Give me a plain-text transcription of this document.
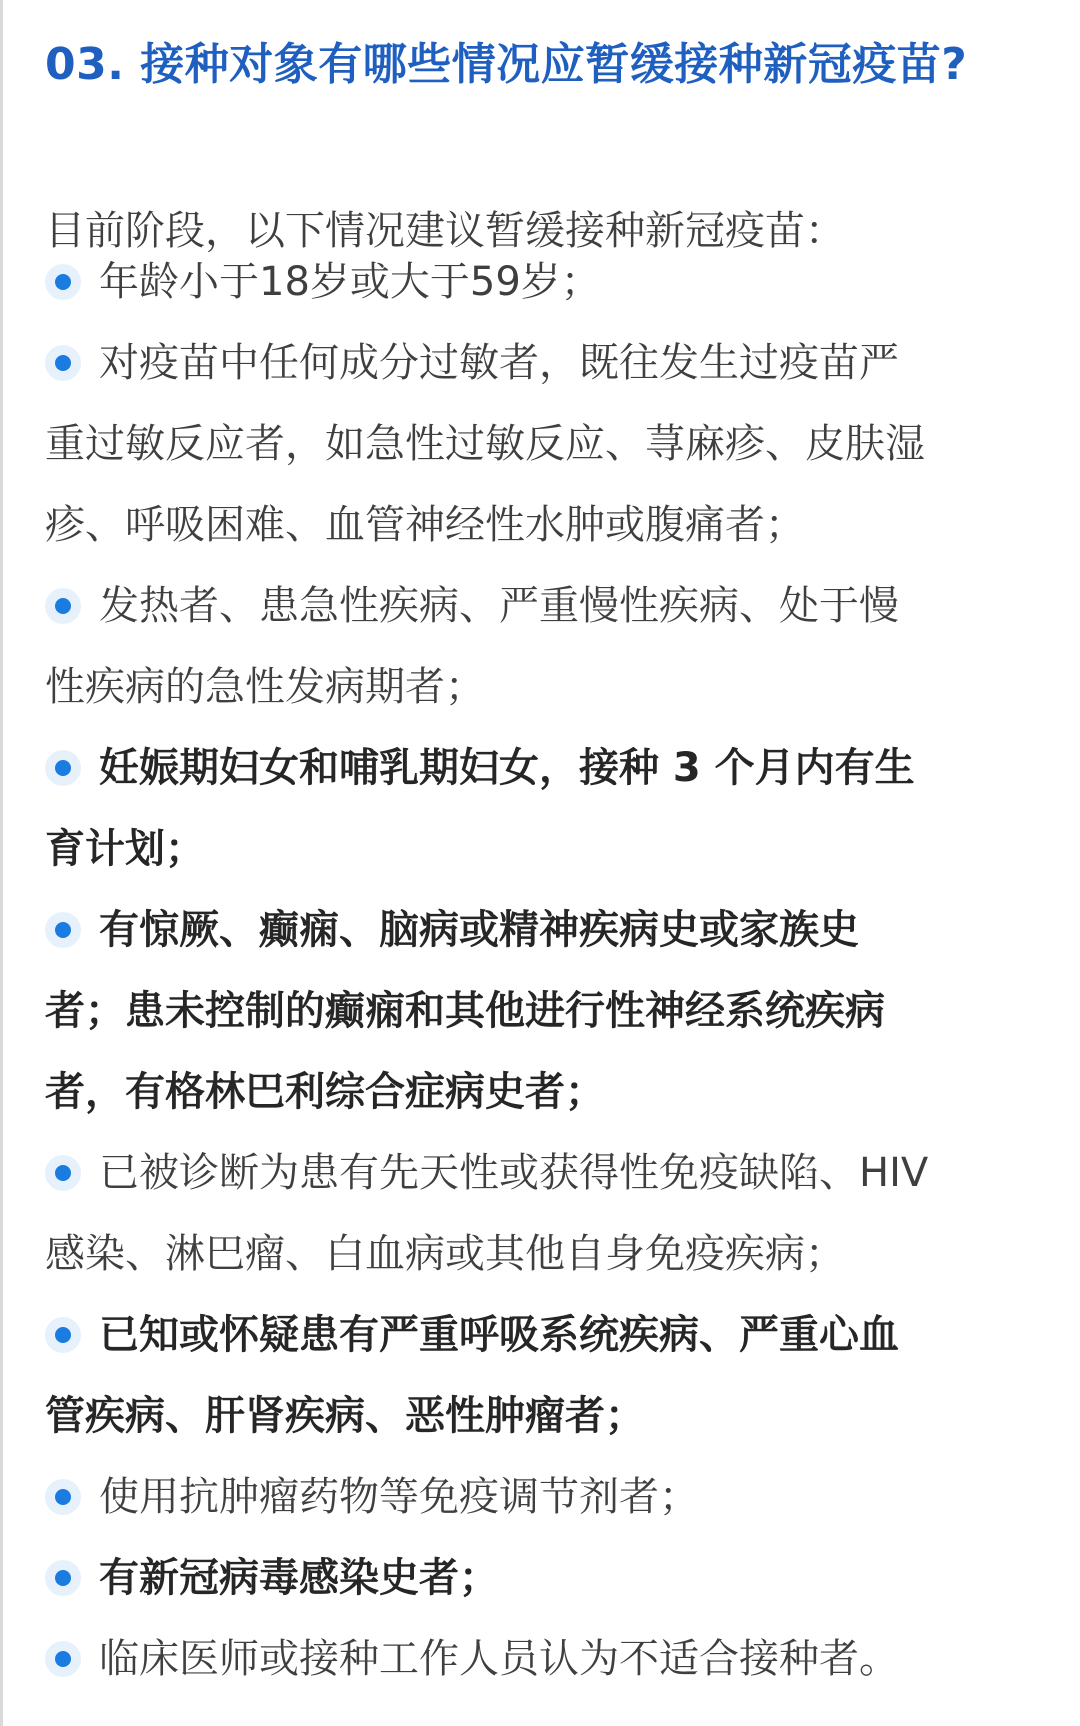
03. 接种对象有哪些情况应暂缓接种新冠疫苗?
目前阶段，以下情况建议暂缓接种新冠疫苗：
年龄小于18岁或大于59岁；
对疫苗中任何成分过敏者，既往发生过疫苗严
重过敏反应者，如急性过敏反应、荨麻疹、皮肤湿
疹、呼吸困难、血管神经性水肿或腹痛者；
发热者、患急性疾病、严重慢性疾病、处于慢
性疾病的急性发病期者；
妊娠期妇女和哺乳期妇女，接种 3 个月内有生
育计划；
有惊厥、癫痫、脑病或精神疾病史或家族史
者；患未控制的癫痫和其他进行性神经系统疾病
者，有格林巴利综合症病史者；
已被诊断为患有先天性或获得性免疫缺陷、HIV
感染、淋巴瘤、白血病或其他自身免疫疾病；
已知或怀疑患有严重呼吸系统疾病、严重心血
管疾病、肝肾疾病、恶性肿瘤者；
使用抗肿瘤药物等免疫调节剂者；
有新冠病毒感染史者；
临床医师或接种工作人员认为不适合接种者。
